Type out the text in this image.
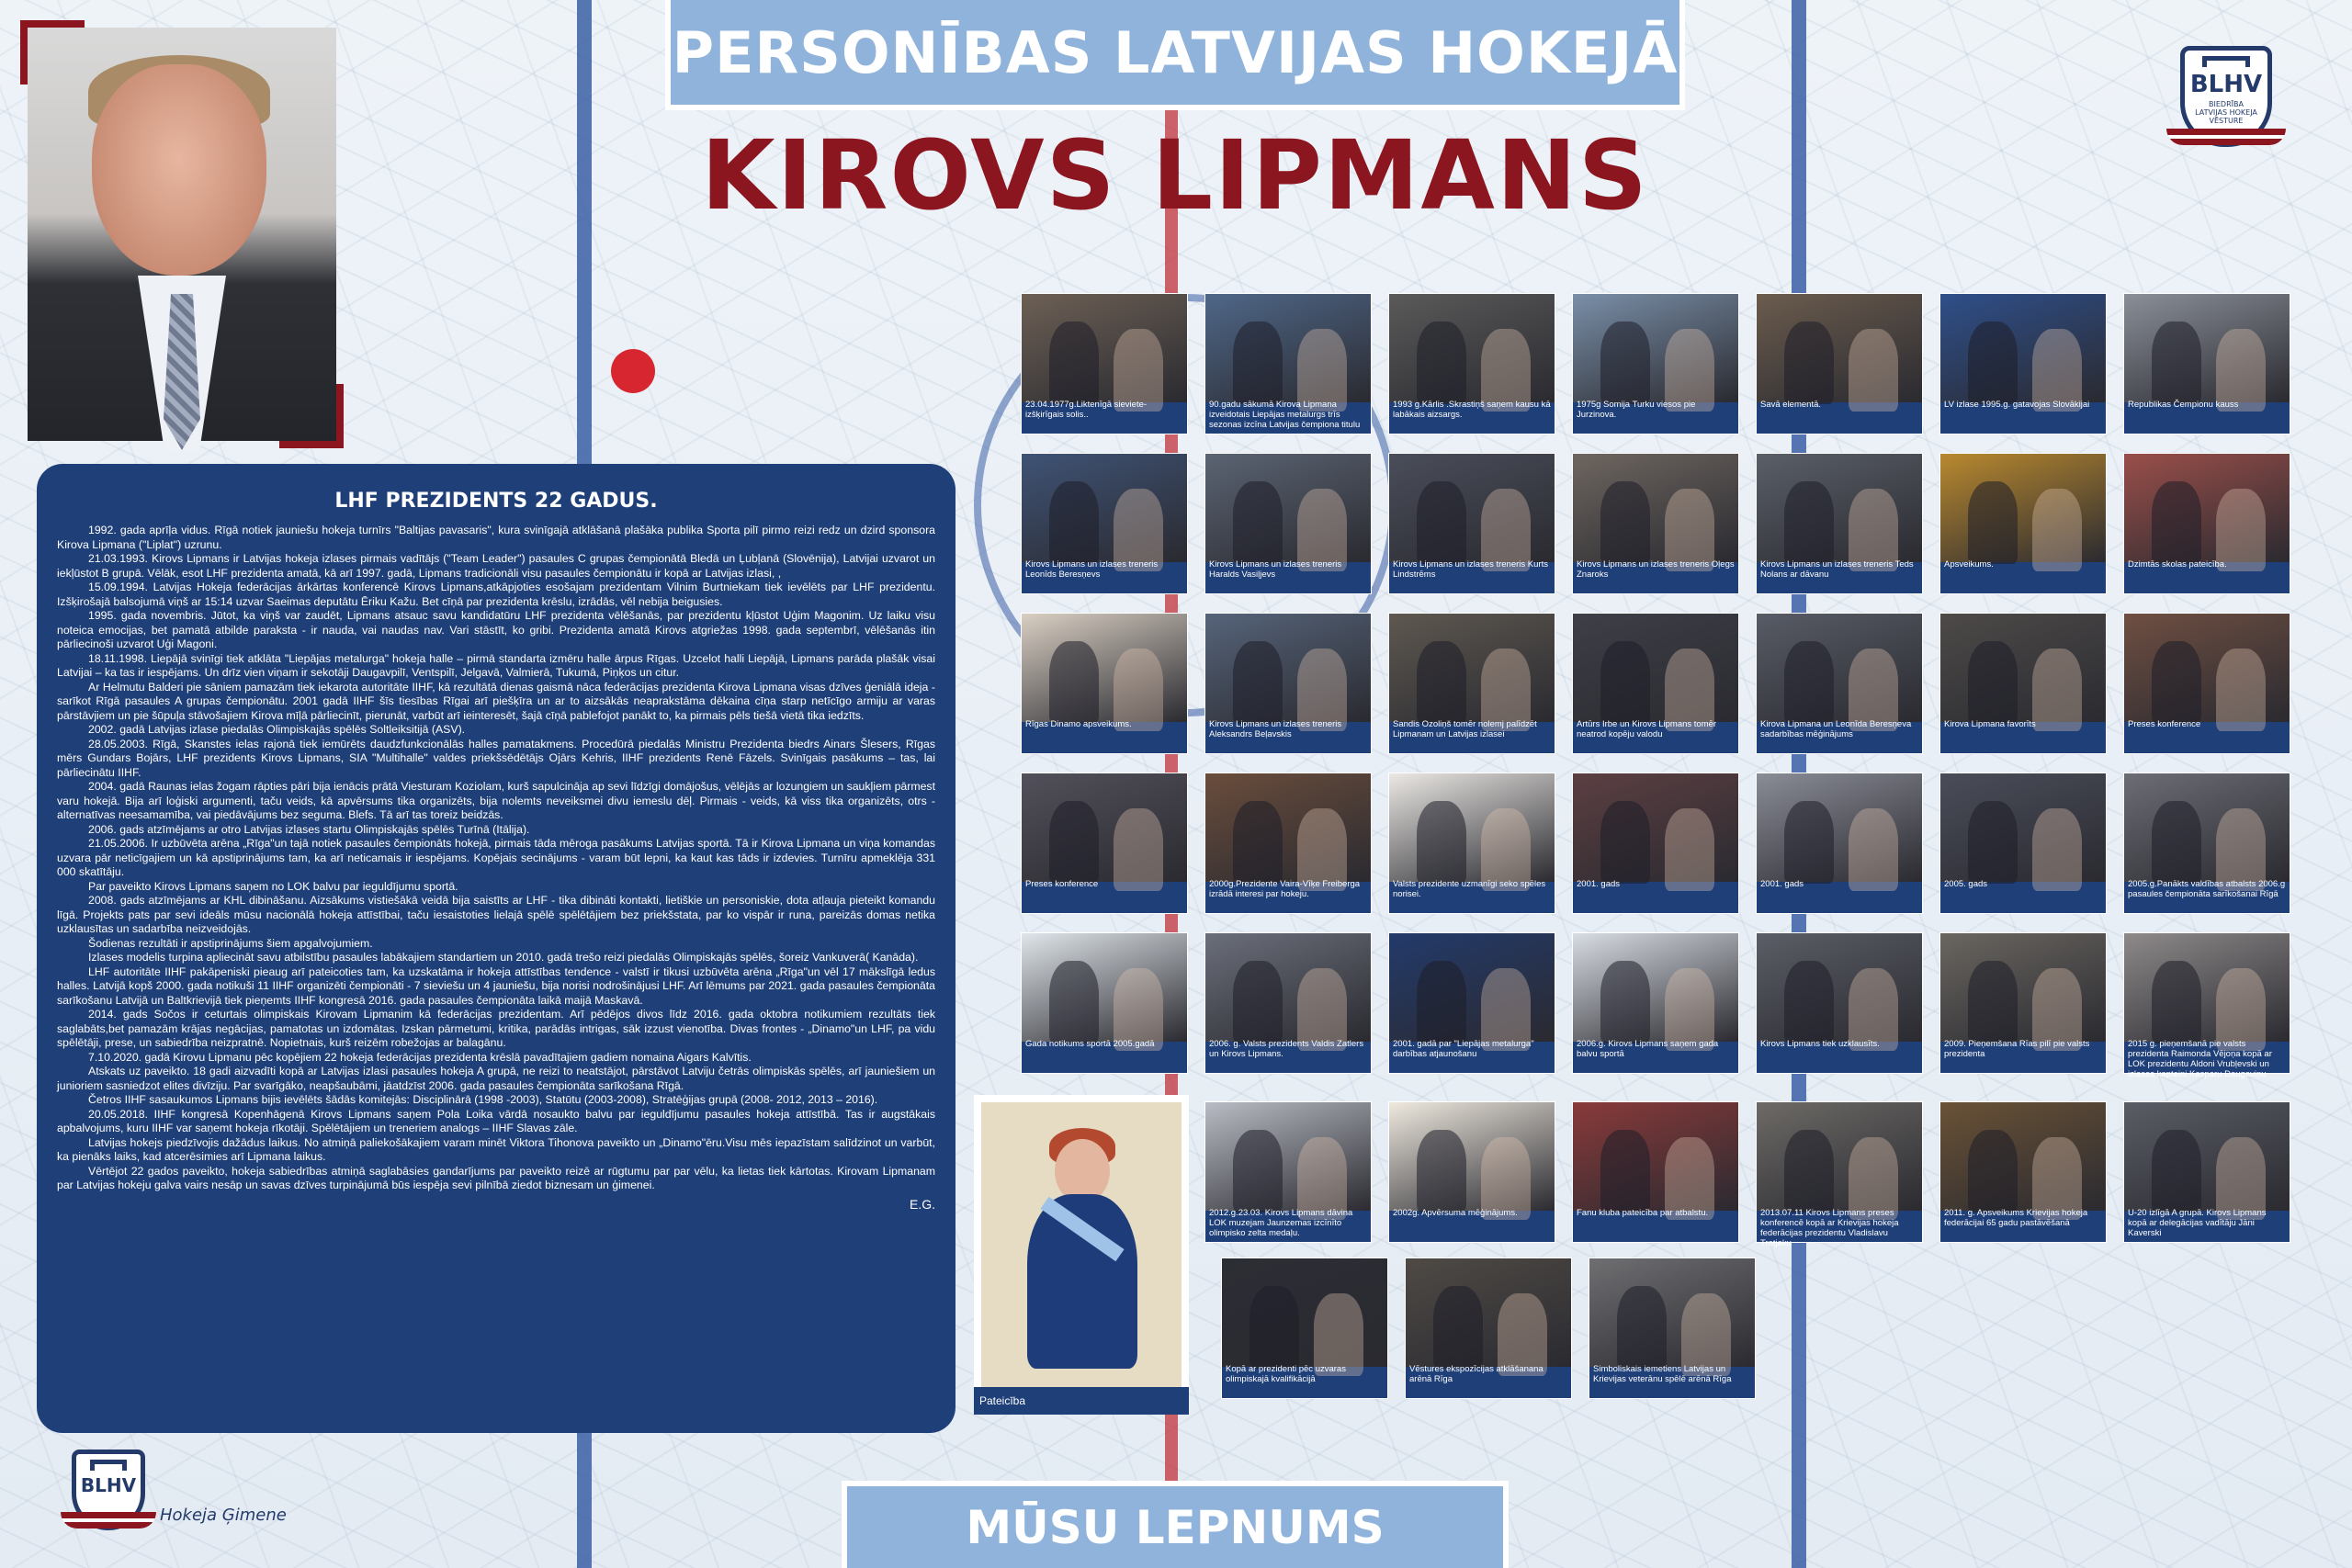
PERSONĪBAS LATVIJAS HOKEJĀ
KIROVS LIPMANS
BLHV
BIEDRĪBA LATVIJAS HOKEJA VĒSTURE
LHF PREZIDENTS 22 GADUS.

1992. gada aprīļa vidus. Rīgā notiek jauniešu hokeja turnīrs "Baltijas pavasaris", kura svinīgajā atklāšanā plašāka publika Sporta pilī pirmo reizi redz un dzird sponsora Kirova Lipmana ("Liplat") uzrunu.

21.03.1993. Kirovs Lipmans ir Latvijas hokeja izlases pirmais vadītājs ("Team Leader") pasaules C grupas čempionātā Bledā un Ļubļanā (Slovēnija), Latvijai uzvarot un iekļūstot B grupā. Vēlāk, esot LHF prezidenta amatā, kā arī 1997. gadā, Lipmans tradicionāli visu pasaules čempionātu ir kopā ar Latvijas izlasi, ,

15.09.1994. Latvijas Hokeja federācijas ārkārtas konferencē Kirovs Lipmans,atkāpjoties esošajam prezidentam Vilnim Burtniekam tiek ievēlēts par LHF prezidentu. Izšķirošajā balsojumā viņš ar 15:14 uzvar Saeimas deputātu Ēriku Kažu. Bet cīņā par prezidenta krēslu, izrādās, vēl nebija beigusies.

1995. gada novembris. Jūtot, ka viņš var zaudēt, Lipmans atsauc savu kandidatūru LHF prezidenta vēlēšanās, par prezidentu kļūstot Uģim Magonim. Uz laiku visu noteica emocijas, bet pamatā atbilde paraksta - ir nauda, vai naudas nav. Vari stāstīt, ko gribi. Prezidenta amatā Kirovs atgriežas 1998. gada septembrī, vēlēšanās itin pārliecinoši uzvarot Uģi Magoni.

18.11.1998. Liepājā svinīgi tiek atklāta "Liepājas metalurga" hokeja halle – pirmā standarta izmēru halle ārpus Rīgas. Uzcelot halli Liepājā, Lipmans parāda plašāk visai Latvijai – ka tas ir iespējams. Un drīz vien viņam ir sekotāji Daugavpilī, Ventspilī, Jelgavā, Valmierā, Tukumā, Piņķos un citur.

Ar Helmutu Balderi pie sāniem pamazām tiek iekarota autoritāte IIHF, kā rezultātā dienas gaismā nāca federācijas prezidenta Kirova Lipmana visas dzīves ģeniālā ideja - sarīkot Rīgā pasaules A grupas čempionātu. 2001 gadā IIHF šīs tiesības Rīgai arī piešķīra un ar to aizsākās neaprakstāma dēkaina cīņa starp netīcīgo armiju ar varas pārstāvjiem un pie šūpuļa stāvošajiem Kirova mīļā pārliecinīt, pierunāt, varbūt arī ieinteresēt, šajā cīņā pablefojot panākt to, ka pirmais pēls tiešā vietā tika iedzīts.

2002. gadā Latvijas izlase piedalās Olimpiskajās spēlēs Soltleiksitijā (ASV).

28.05.2003. Rīgā, Skanstes ielas rajonā tiek iemūrēts daudzfunkcionālās halles pamatakmens. Procedūrā piedalās Ministru Prezidenta biedrs Ainars Šlesers, Rīgas mērs Gundars Bojārs, LHF prezidents Kirovs Lipmans, SIA "Multihalle" valdes priekšsēdētājs Ojārs Kehris, IIHF prezidents Renē Fāzels. Svinīgais pasākums – tas, lai pārliecinātu IIHF.

2004. gadā Raunas ielas žogam rāpties pāri bija ienācis prātā Viesturam Koziolam, kurš sapulcināja ap sevi līdzīgi domājošus, vēlējās ar lozungiem un saukļiem pārmest varu hokejā. Bija arī loģiski argumenti, taču veids, kā apvērsums tika organizēts, bija nolemts neveiksmei divu iemeslu dēļ. Pirmais - veids, kā viss tika organizēts, otrs - alternatīvas neesamamība, vai piedāvājums bez seguma. Blefs. Tā arī tas toreiz beidzās.

2006. gads atzīmējams ar otro Latvijas izlases startu Olimpiskajās spēlēs Turīnā (Itālija).

21.05.2006. Ir uzbūvēta arēna „Rīga"un tajā notiek pasaules čempionāts hokejā, pirmais tāda mēroga pasākums Latvijas sportā. Tā ir Kirova Lipmana un viņa komandas uzvara pār neticīgajiem un kā apstiprinājums tam, ka arī neticamais ir iespējams. Kopējais secinājums - varam būt lepni, ka kaut kas tāds ir izdevies. Turnīru apmeklēja 331 000 skatītāju.

Par paveikto Kirovs Lipmans saņem no LOK balvu par ieguldījumu sportā.

2008. gads atzīmējams ar KHL dibināšanu. Aizsākums vistiešākā veidā bija saistīts ar LHF - tika dibināti kontakti, lietiškie un personiskie, dota atļauja pieteikt komandu līgā. Projekts pats par sevi ideāls mūsu nacionālā hokeja attīstībai, taču iesaistoties lielajā spēlē spēlētājiem bez priekšstata, par ko vispār ir runa, pareizās domas netika uzklausītas un sadarbība neizveidojās.

Šodienas rezultāti ir apstiprinājums šiem apgalvojumiem.

Izlases modelis turpina apliecināt savu atbilstību pasaules labākajiem standartiem un 2010. gadā trešo reizi piedalās Olimpiskajās spēlēs, šoreiz Vankuverā( Kanāda).

LHF autoritāte IIHF pakāpeniski pieaug arī pateicoties tam, ka uzskatāma ir hokeja attīstības tendence - valstī ir tikusi uzbūvēta arēna „Rīga"un vēl 17 mākslīgā ledus halles. Latvijā kopš 2000. gada notikuši 11 IIHF organizēti čempionāti - 7 sieviešu un 4 jauniešu, bija norisi nodrošinājusi LHF. Arī lēmums par 2021. gada pasaules čempionāta sarīkošanu Latvijā un Baltkrievijā tiek pieņemts IIHF kongresā 2016. gada pasaules čempionāta laikā maijā Maskavā.

2014. gads Sočos ir ceturtais olimpiskais Kirovam Lipmanim kā federācijas prezidentam. Arī pēdējos divos līdz 2016. gada oktobra notikumiem rezultāts tiek saglabāts,bet pamazām krājas negācijas, pamatotas un izdomātas. Izskan pārmetumi, kritika, parādās intrigas, sāk izzust vienotība. Divas frontes - „Dinamo"un LHF, pa vidu spēlētāji, prese, un sabiedrība neizpratnē. Nopietnais, kurš reizēm robežojas ar balagānu.

7.10.2020. gadā Kirovu Lipmanu pēc kopējiem 22 hokeja federācijas prezidenta krēslā pavadītajiem gadiem nomaina Aigars Kalvītis.

Atskats uz paveikto. 18 gadi aizvadīti kopā ar Latvijas izlasi pasaules hokeja A grupā, ne reizi to neatstājot, pārstāvot Latviju četrās olimpiskās spēlēs, arī jauniešiem un junioriem sasniedzot elites divīziju. Par svarīgāko, neapšaubāmi, jāatdzīst 2006. gada pasaules čempionāta sarīkošana Rīgā.

Četros IIHF sasaukumos Lipmans bijis ievēlēts šādās komitejās: Disciplinārā (1998 -2003), Statūtu (2003-2008), Stratēģijas grupā (2008- 2012, 2013 – 2016).

20.05.2018. IIHF kongresā Kopenhāgenā Kirovs Lipmans saņem Pola Loika vārdā nosaukto balvu par ieguldījumu pasaules hokeja attīstībā. Tas ir augstākais apbalvojums, kuru IIHF var saņemt hokeja rīkotāji. Spēlētājiem un treneriem analogs – IIHF Slavas zāle.

Latvijas hokejs piedzīvojis dažādus laikus. No atmiņā paliekošākajiem varam minēt Viktora Tihonova paveikto un „Dinamo"ēru.Visu mēs iepazīstam salīdzinot un varbūt, ka pienāks laiks, kad atcerēsimies arī Lipmana laikus.

Vērtējot 22 gados paveikto, hokeja sabiedrības atmiņā saglabāsies gandarījums par paveikto reizē ar rūgtumu par par vēlu, ka lietas tiek kārtotas. Kirovam Lipmanam par Latvijas hokeju galva vairs nesāp un savas dzīves turpinājumā būs iespēja sevi pilnībā ziedot biznesam un ģimenei.

E.G.
23.04.1977g.Liktenīgā sieviete- izšķirīgais solis..
90.gadu sākumā Kirova Lipmana izveidotais Liepājas metalurgs trīs sezonas izcīna Latvijas čempiona titulu
1993 g.Kārlis .Skrastiņš saņem kausu kā labākais aizsargs.
1975g Somija Turku viesos pie Jurzinova.
Savā elementā.	LV izlase 1995.g. gatavojas Slovākijai	Republikas Čempionu kauss
Kirovs Lipmans un izlases treneris Leonīds Beresņevs
Kirovs Lipmans un izlases treneris Haralds Vasiļjevs
Kirovs Lipmans un izlases treneris Kurts Lindstrēms
Kirovs Lipmans un izlases treneris Oļegs Znaroks
Kirovs Lipmans un izlases treneris Teds Nolans ar dāvanu
Apsveikums.	Dzimtās skolas pateicība.
Rīgas Dinamo apsveikums.	Kirovs Lipmans un izlases treneris Aleksandrs Beļavskis
Sandis Ozoliņš tomēr nolemj palīdzēt Lipmanam un Latvijas izlasei
Artūrs Irbe un Kirovs Lipmans tomēr neatrod kopēju valodu
Kirova Lipmana un Leonīda Beresņeva sadarbības mēģinājums
Kirova Lipmana favorīts	Preses konference
Preses konference	2000g.Prezidente Vaira-Vīķe Freiberga izrādā interesi par hokeju.
Valsts prezidente uzmanīgi seko spēles norisei.
2001. gads	2001. gads	2005. gads	2005.g.Panākts valdības atbalsts 2006.g pasaules čempionāta sarīkošanai Rīgā
Gada notikums sportā 2005.gadā	2006. g. Valsts prezidents Valdis Zatlers un Kirovs Lipmans.
2001. gadā par "Liepājas metalurga" darbības atjaunošanu
2006.g. Kirovs Lipmans saņem gada balvu sportā
Kirovs Lipmans tiek uzklausīts.	2009. Pieņemšana Rīas pilī pie valsts prezidenta
2015 g. pieņemšanā pie valsts prezidenta Raimonda Vējoņa kopā ar LOK prezidentu Aldoni Vrubļevski un izlases kapteini Kasparu Daugaviņu
2012.g.23.03. Kirovs Lipmans dāvina LOK muzejam Jaunzemas izcīnīto olimpisko zelta medaļu.
2002g. Apvērsuma mēģinājums.	Fanu kluba pateicība par atbalstu.	2013.07.11 Kirovs Lipmans preses konferencē kopā ar Krievijas hokeja federācijas prezidentu Vladislavu Tretjaku
2011. g. Apsveikums Krievijas hokeja federācijai 65 gadu pastāvēšanā
U-20 izlīgā A grupā. Kirovs Lipmans kopā ar delegācijas vadītāju Jāni Kaverski
Kopā ar prezidenti pēc uzvaras olimpiskajā kvalifikācijā
Vēstures ekspozīcijas atklāšanana arēnā Rīga
Simboliskais iemetiens Latvijas un Krievijas veterānu spēlē arēnā Rīga
Pateicība
BLHV
Hokeja Ģimene	MŪSU LEPNUMS
